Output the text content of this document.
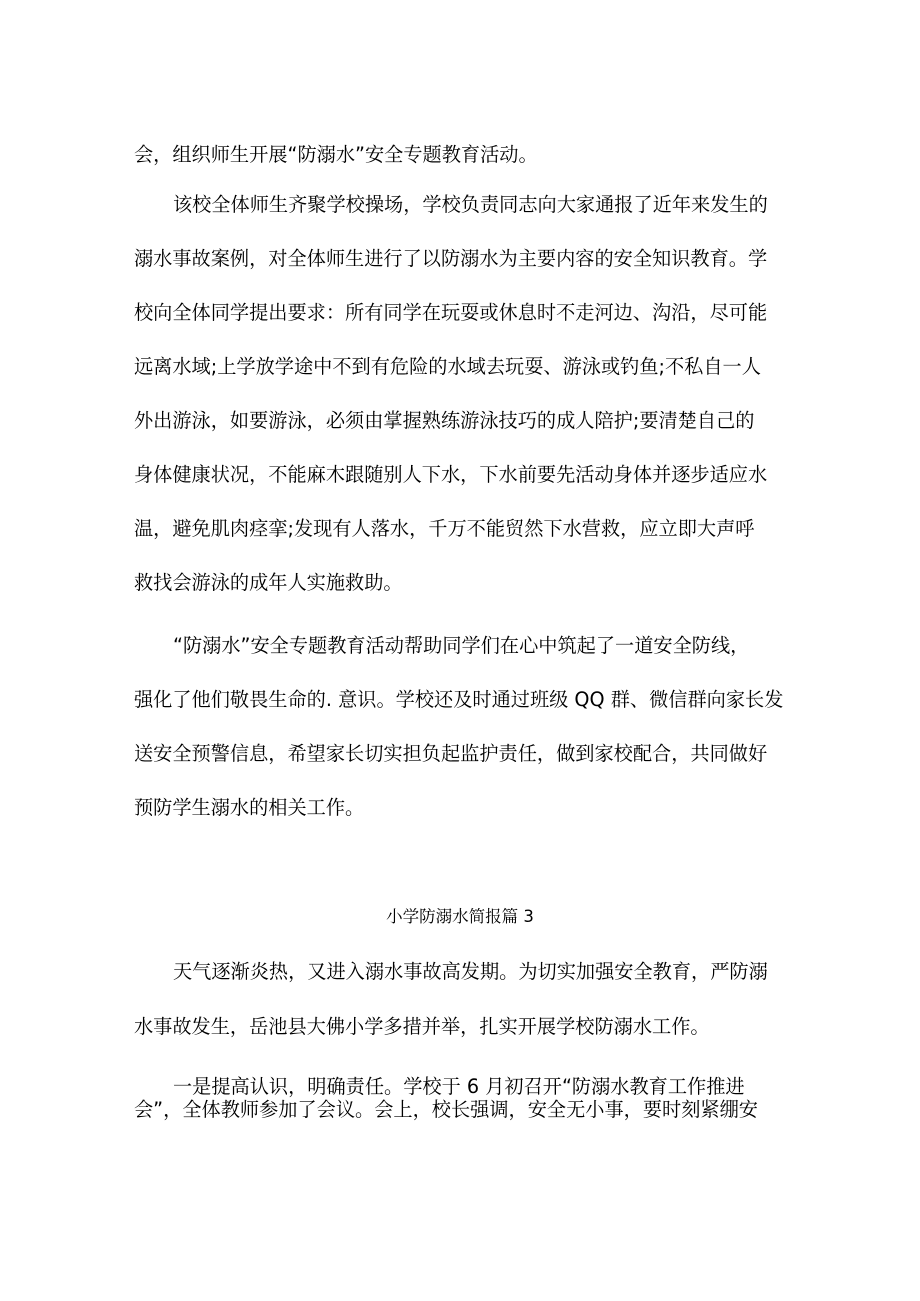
会，组织师生开展“防溺水”安全专题教育活动。

该校全体师生齐聚学校操场，学校负责同志向大家通报了近年来发生的

溺水事故案例，对全体师生进行了以防溺水为主要内容的安全知识教育。学

校向全体同学提出要求：所有同学在玩耍或休息时不走河边、沟沿，尽可能

远离水域;上学放学途中不到有危险的水域去玩耍、游泳或钓鱼;不私自一人

外出游泳，如要游泳，必须由掌握熟练游泳技巧的成人陪护;要清楚自己的

身体健康状况，不能麻木跟随别人下水，下水前要先活动身体并逐步适应水

温，避免肌肉痉挛;发现有人落水，千万不能贸然下水营救，应立即大声呼

救找会游泳的成年人实施救助。

“防溺水”安全专题教育活动帮助同学们在心中筑起了一道安全防线，

强化了他们敬畏生命的. 意识。学校还及时通过班级 QQ 群、微信群向家长发

送安全预警信息，希望家长切实担负起监护责任，做到家校配合，共同做好

预防学生溺水的相关工作。

小学防溺水简报篇 3

天气逐渐炎热，又进入溺水事故高发期。为切实加强安全教育，严防溺

水事故发生，岳池县大佛小学多措并举，扎实开展学校防溺水工作。

一是提高认识，明确责任。学校于 6 月初召开“防溺水教育工作推进
会”，全体教师参加了会议。会上，校长强调，安全无小事，要时刻紧绷安
